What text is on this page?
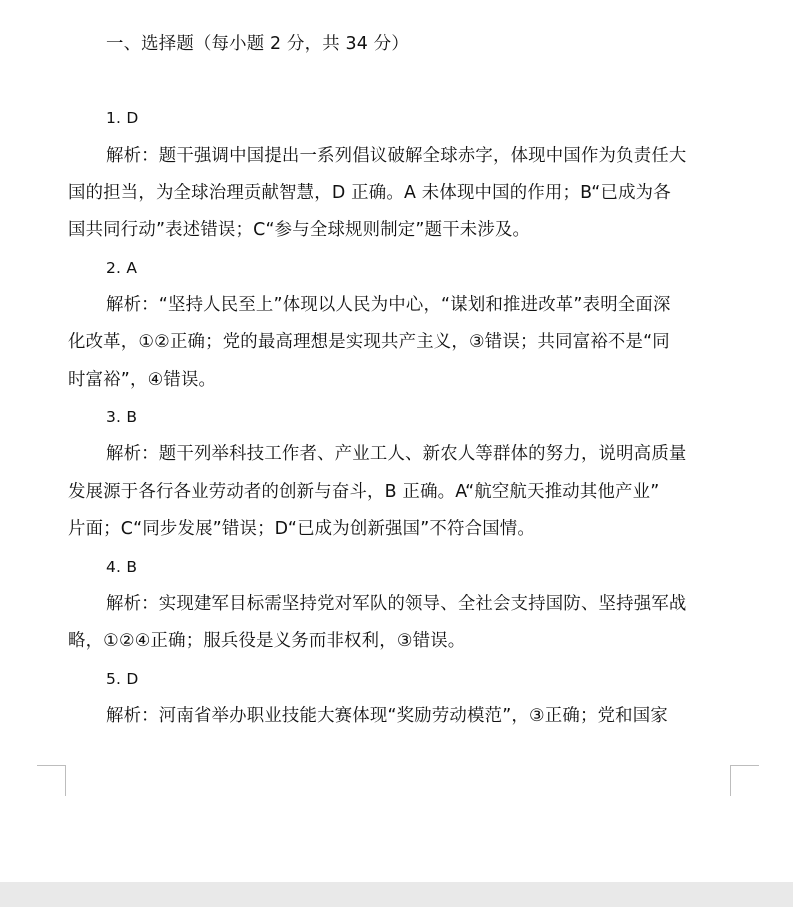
一、选择题（每小题 2 分，共 34 分）
1. D
解析：题干强调中国提出一系列倡议破解全球赤字，体现中国作为负责任大
国的担当，为全球治理贡献智慧，D 正确。A 未体现中国的作用；B“已成为各
国共同行动”表述错误；C“参与全球规则制定”题干未涉及。
2. A
解析：“坚持人民至上”体现以人民为中心，“谋划和推进改革”表明全面深
化改革，①②正确；党的最高理想是实现共产主义，③错误；共同富裕不是“同
时富裕”，④错误。
3. B
解析：题干列举科技工作者、产业工人、新农人等群体的努力，说明高质量
发展源于各行各业劳动者的创新与奋斗，B 正确。A“航空航天推动其他产业”
片面；C“同步发展”错误；D“已成为创新强国”不符合国情。
4. B
解析：实现建军目标需坚持党对军队的领导、全社会支持国防、坚持强军战
略，①②④正确；服兵役是义务而非权利，③错误。
5. D
解析：河南省举办职业技能大赛体现“奖励劳动模范”，③正确；党和国家
